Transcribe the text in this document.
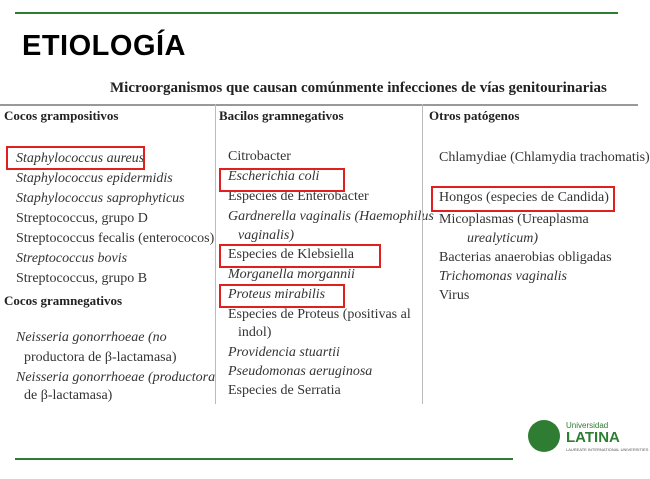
ETIOLOGÍA
Microorganismos que causan comúnmente infecciones de vías genitourinarias
Cocos grampositivos
Staphylococcus aureus
Staphylococcus epidermidis
Staphylococcus saprophyticus
Streptococcus, grupo D
Streptococcus fecalis (enterococos)
Streptococcus bovis
Streptococcus, grupo B
Cocos gramnegativos
Neisseria gonorrhoeae (no
productora de β-lactamasa)
Neisseria gonorrhoeae (productora
de β-lactamasa)
Bacilos gramnegativos
Citrobacter
Escherichia coli
Especies de Enterobacter
Gardnerella vaginalis (Haemophilus
vaginalis)
Especies de Klebsiella
Morganella morgannii
Proteus mirabilis
Especies de Proteus (positivas al
indol)
Providencia stuartii
Pseudomonas aeruginosa
Especies de Serratia
Otros patógenos
Chlamydiae (Chlamydia trachomatis)
Hongos (especies de Candida)
Micoplasmas (Ureaplasma
urealyticum)
Bacterias anaerobias obligadas
Trichomonas vaginalis
Virus
Universidad
LATINA
LAUREATE INTERNATIONAL UNIVERSITIES
